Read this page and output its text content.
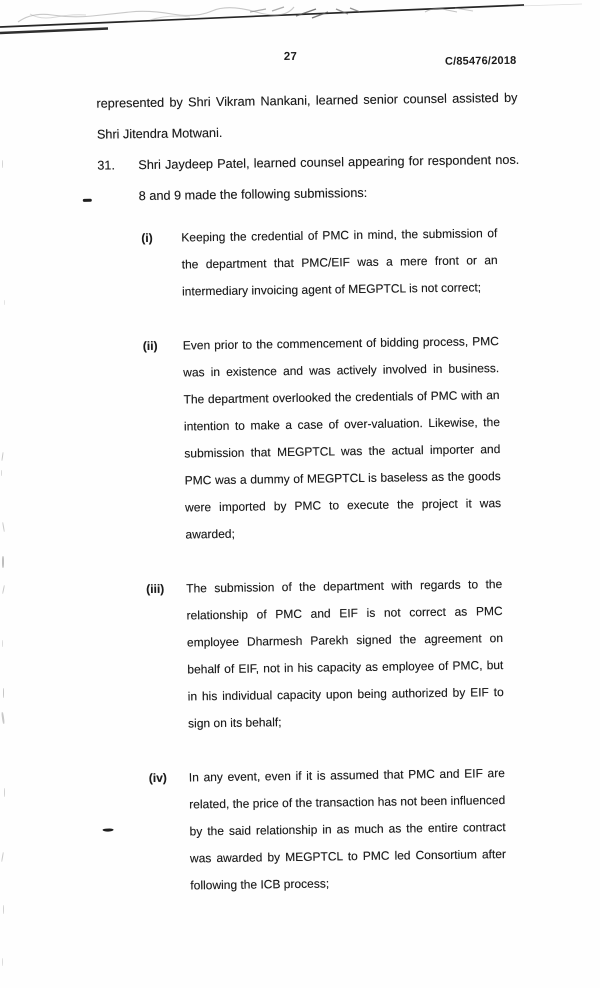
27	C/85476/2018

represented by Shri Vikram Nankani, learned senior counsel assisted by Shri Jitendra Motwani.

31.	Shri Jaydeep Patel, learned counsel appearing for respondent nos. 8 and 9 made the following submissions:
(i)	Keeping the credential of PMC in mind, the submission of the department that PMC/EIF was a mere front or an intermediary invoicing agent of MEGPTCL is not correct;
(ii)	Even prior to the commencement of bidding process, PMC was in existence and was actively involved in business. The department overlooked the credentials of PMC with an intention to make a case of over-valuation. Likewise, the submission that MEGPTCL was the actual importer and PMC was a dummy of MEGPTCL is baseless as the goods were imported by PMC to execute the project it was awarded;
(iii)	The submission of the department with regards to the relationship of PMC and EIF is not correct as PMC employee Dharmesh Parekh signed the agreement on behalf of EIF, not in his capacity as employee of PMC, but in his individual capacity upon being authorized by EIF to sign on its behalf;
(iv)	In any event, even if it is assumed that PMC and EIF are related, the price of the transaction has not been influenced by the said relationship in as much as the entire contract was awarded by MEGPTCL to PMC led Consortium after following the ICB process;
